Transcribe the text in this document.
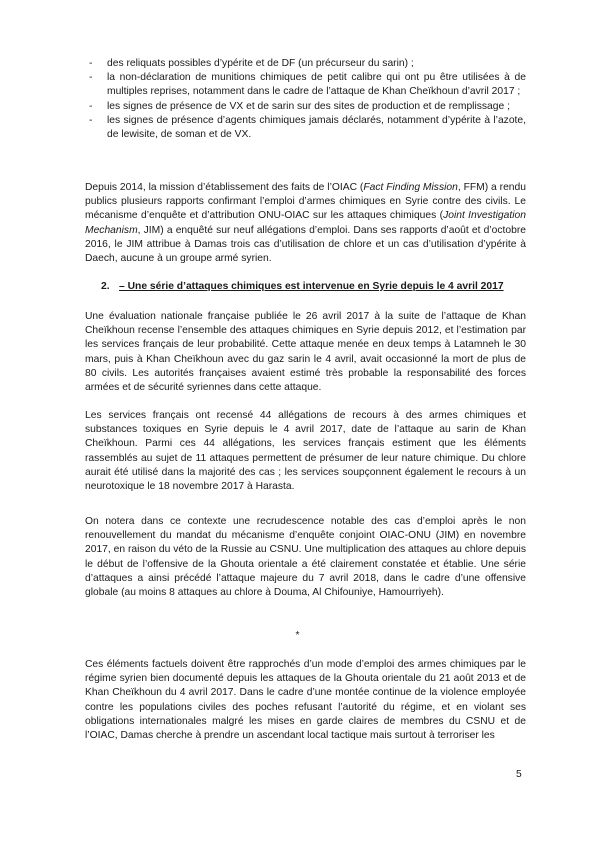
- des reliquats possibles d’ypérite et de DF (un précurseur du sarin) ;
- la non-déclaration de munitions chimiques de petit calibre qui ont pu être utilisées à de multiples reprises, notamment dans le cadre de l’attaque de Khan Cheïkhoun d’avril 2017 ;
- les signes de présence de VX et de sarin sur des sites de production et de remplissage ;
- les signes de présence d’agents chimiques jamais déclarés, notamment d’ypérite à l’azote, de lewisite, de soman et de VX.

Depuis 2014, la mission d’établissement des faits de l’OIAC (Fact Finding Mission, FFM) a rendu publics plusieurs rapports confirmant l’emploi d’armes chimiques en Syrie contre des civils. Le mécanisme d’enquête et d’attribution ONU-OIAC sur les attaques chimiques (Joint Investigation Mechanism, JIM) a enquêté sur neuf allégations d’emploi. Dans ses rapports d’août et d’octobre 2016, le JIM attribue à Damas trois cas d’utilisation de chlore et un cas d’utilisation d’ypérite à Daech, aucune à un groupe armé syrien.

2. – Une série d’attaques chimiques est intervenue en Syrie depuis le 4 avril 2017

Une évaluation nationale française publiée le 26 avril 2017 à la suite de l’attaque de Khan Cheïkhoun recense l’ensemble des attaques chimiques en Syrie depuis 2012, et l’estimation par les services français de leur probabilité. Cette attaque menée en deux temps à Latamneh le 30 mars, puis à Khan Cheïkhoun avec du gaz sarin le 4 avril, avait occasionné la mort de plus de 80 civils. Les autorités françaises avaient estimé très probable la responsabilité des forces armées et de sécurité syriennes dans cette attaque.

Les services français ont recensé 44 allégations de recours à des armes chimiques et substances toxiques en Syrie depuis le 4 avril 2017, date de l’attaque au sarin de Khan Cheïkhoun. Parmi ces 44 allégations, les services français estiment que les éléments rassemblés au sujet de 11 attaques permettent de présumer de leur nature chimique. Du chlore aurait été utilisé dans la majorité des cas ; les services soupçonnent également le recours à un neurotoxique le 18 novembre 2017 à Harasta.

On notera dans ce contexte une recrudescence notable des cas d’emploi après le non renouvellement du mandat du mécanisme d’enquête conjoint OIAC-ONU (JIM) en novembre 2017, en raison du véto de la Russie au CSNU. Une multiplication des attaques au chlore depuis le début de l’offensive de la Ghouta orientale a été clairement constatée et établie. Une série d’attaques a ainsi précédé l’attaque majeure du 7 avril 2018, dans le cadre d’une offensive globale (au moins 8 attaques au chlore à Douma, Al Chifouniye, Hamourriyeh).

*

Ces éléments factuels doivent être rapprochés d’un mode d’emploi des armes chimiques par le régime syrien bien documenté depuis les attaques de la Ghouta orientale du 21 août 2013 et de Khan Cheïkhoun du 4 avril 2017. Dans le cadre d’une montée continue de la violence employée contre les populations civiles des poches refusant l’autorité du régime, et en violant ses obligations internationales malgré les mises en garde claires de membres du CSNU et de l’OIAC, Damas cherche à prendre un ascendant local tactique mais surtout à terroriser les

5
